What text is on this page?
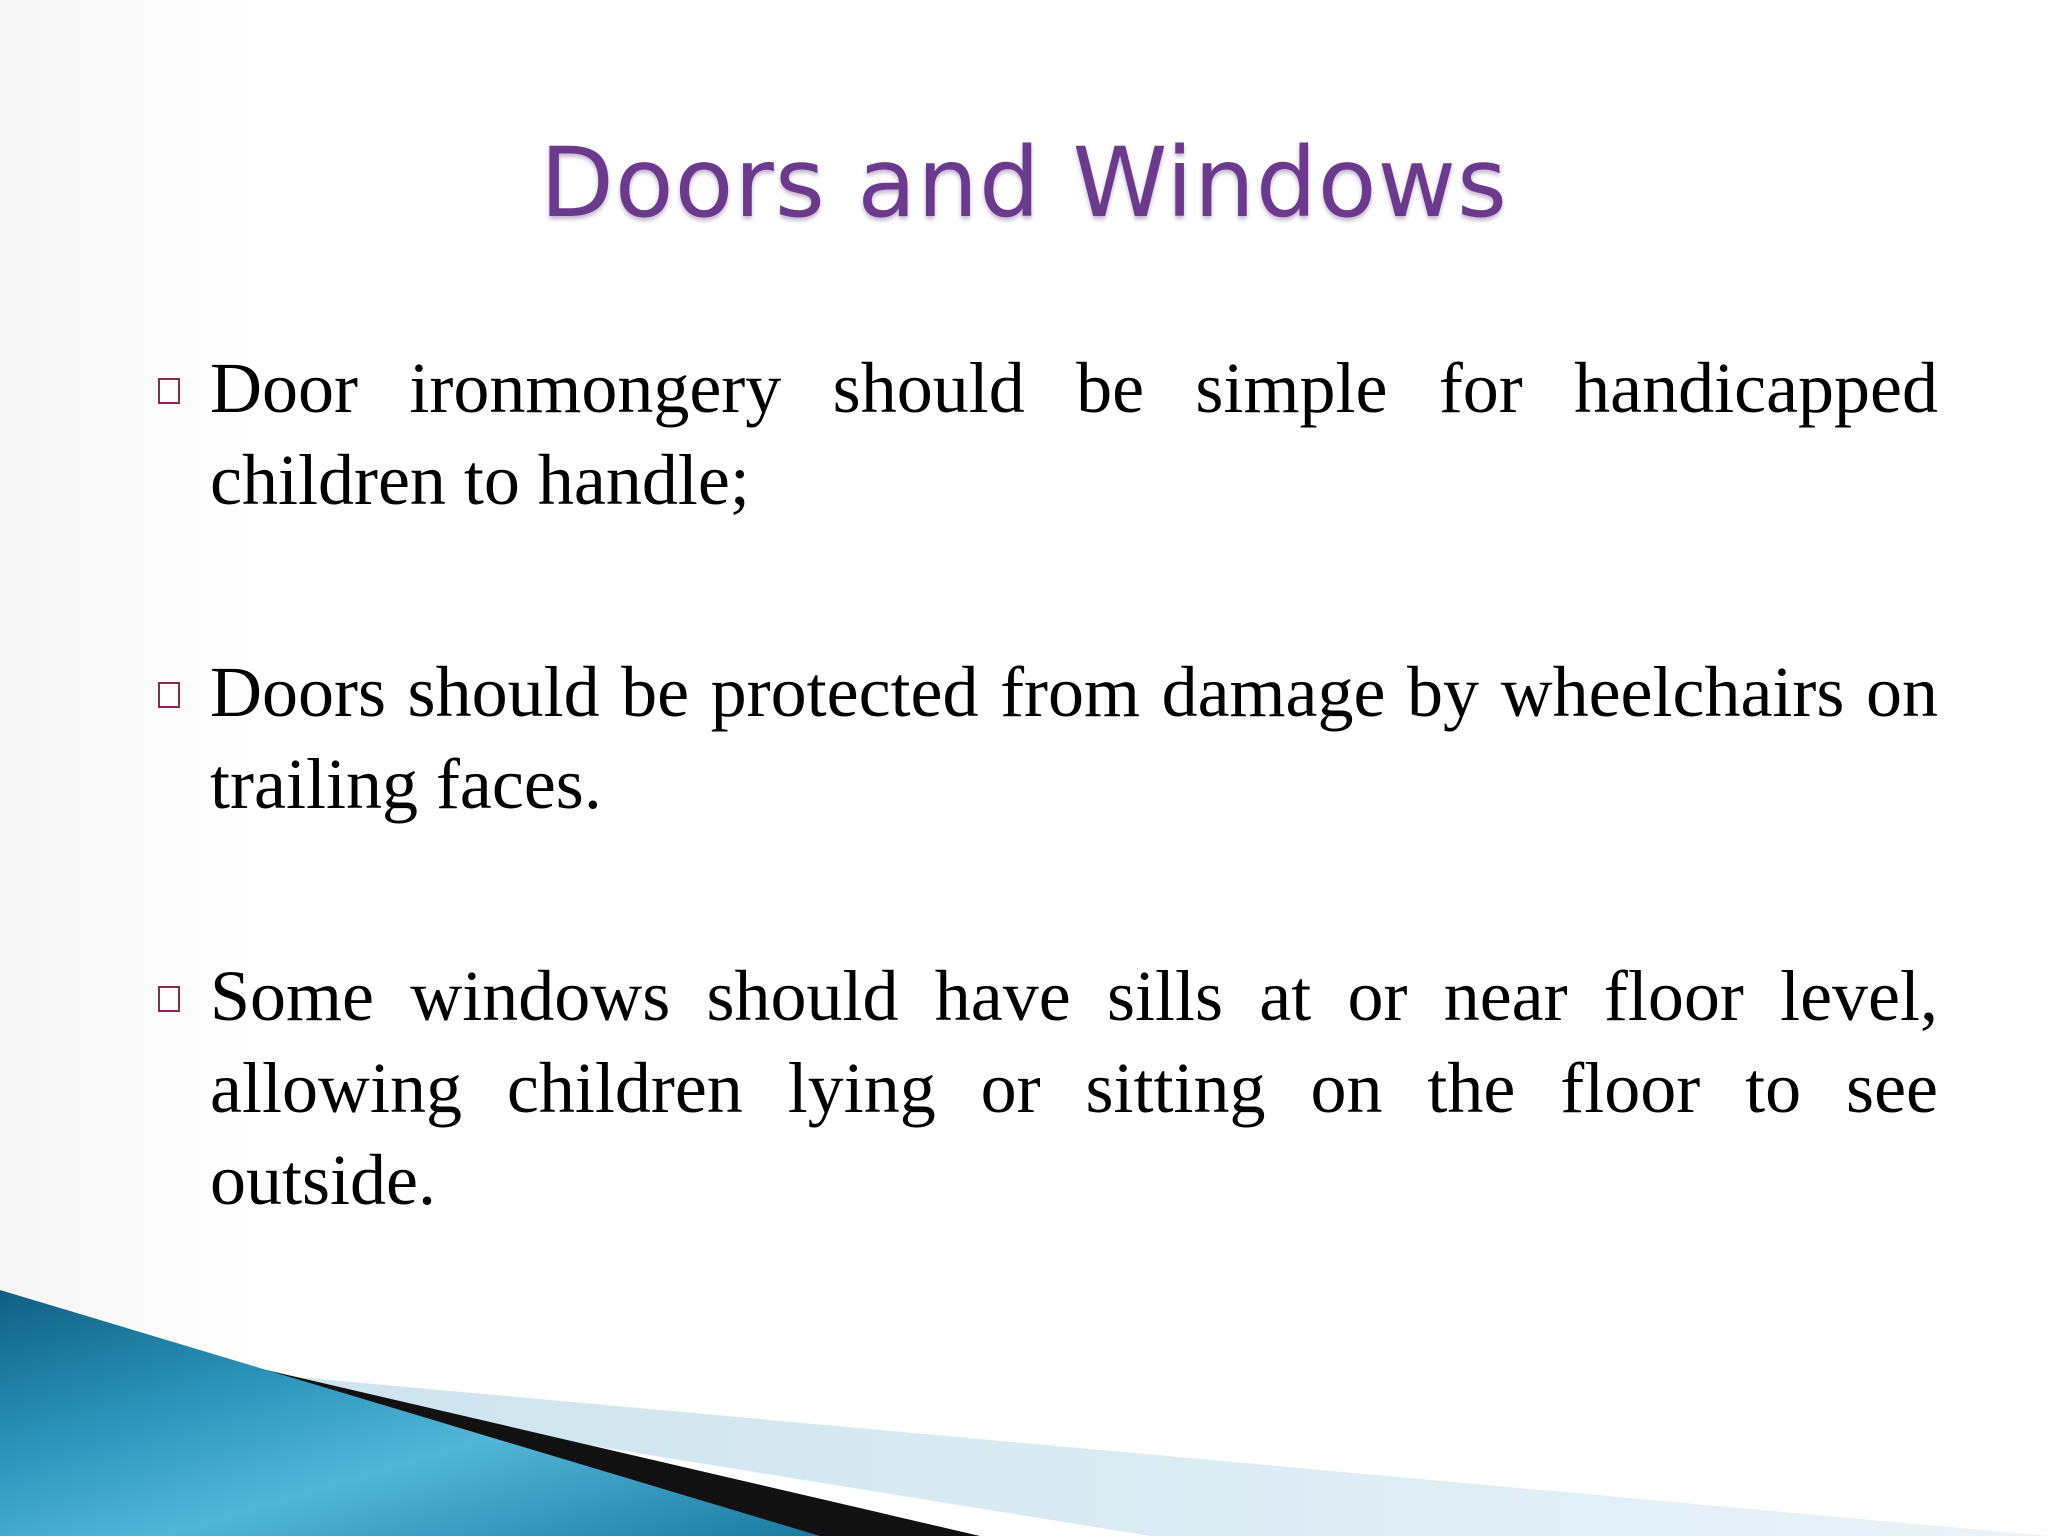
Doors and Windows
Door ironmongery should be simple for handicapped children to handle;
Doors should be protected from damage by wheelchairs on trailing faces.
Some windows should have sills at or near floor level, allowing children lying or sitting on the floor to see outside.
